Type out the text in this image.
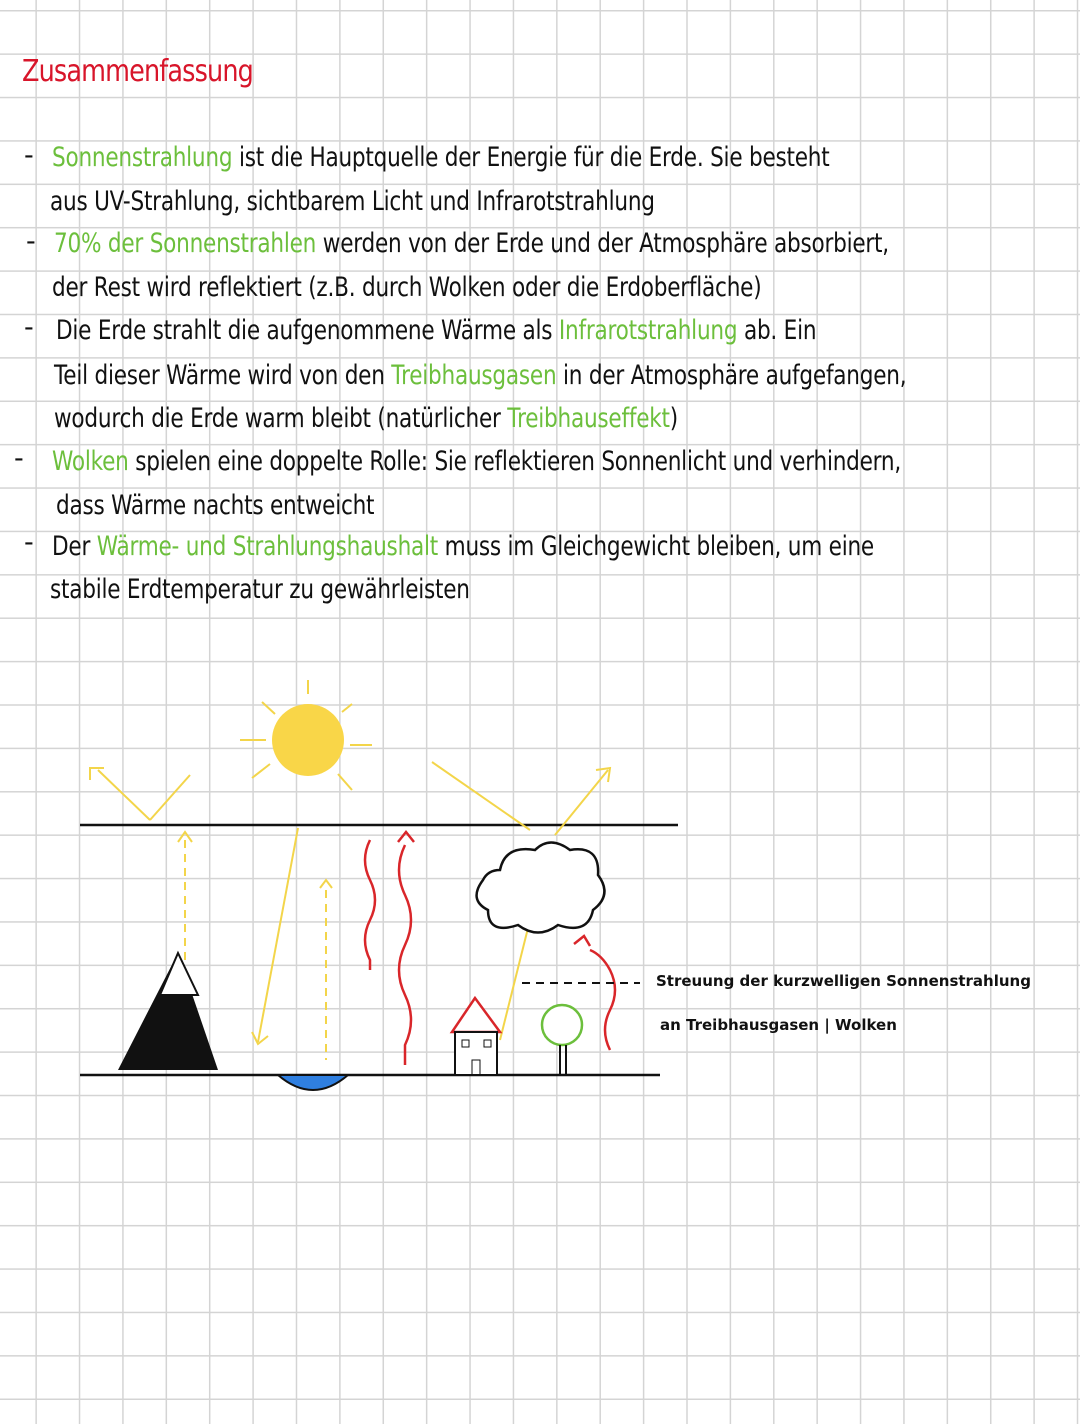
Zusammenfassung
-
-
-
-
-
Sonnenstrahlung ist die Hauptquelle der Energie für die Erde. Sie besteht
aus UV-Strahlung, sichtbarem Licht und Infrarotstrahlung
70% der Sonnenstrahlen werden von der Erde und der Atmosphäre absorbiert,
der Rest wird reflektiert (z.B. durch Wolken oder die Erdoberfläche)
Die Erde strahlt die aufgenommene Wärme als Infrarotstrahlung ab. Ein
Teil dieser Wärme wird von den Treibhausgasen in der Atmosphäre aufgefangen,
wodurch die Erde warm bleibt (natürlicher Treibhauseffekt)
Wolken spielen eine doppelte Rolle: Sie reflektieren Sonnenlicht und verhindern,
dass Wärme nachts entweicht
Der Wärme- und Strahlungshaushalt muss im Gleichgewicht bleiben, um eine
stabile Erdtemperatur zu gewährleisten
Streuung der kurzwelligen Sonnenstrahlung
an Treibhausgasen | Wolken
